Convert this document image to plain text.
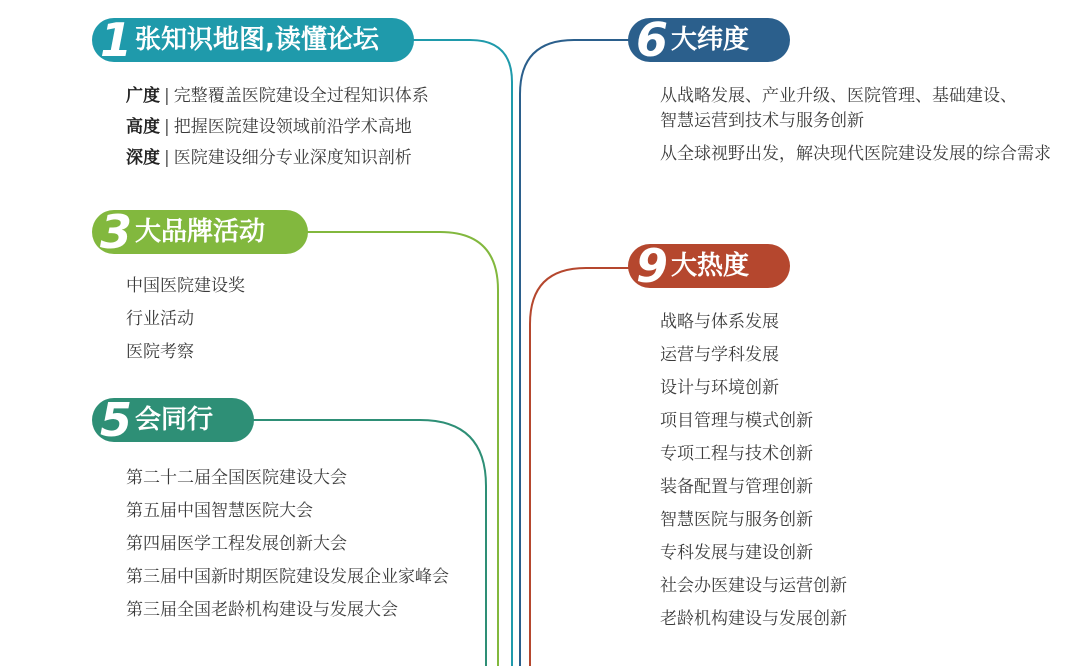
1 张知识地图,读懂论坛
广度 | 完整覆盖医院建设全过程知识体系
高度 | 把握医院建设领域前沿学术高地
深度 | 医院建设细分专业深度知识剖析
3 大品牌活动
中国医院建设奖
行业活动
医院考察
5 会同行
第二十二届全国医院建设大会
第五届中国智慧医院大会
第四届医学工程发展创新大会
第三届中国新时期医院建设发展企业家峰会
第三届全国老龄机构建设与发展大会
6 大纬度
从战略发展、产业升级、医院管理、基础建设、
智慧运营到技术与服务创新
从全球视野出发，解决现代医院建设发展的综合需求
9 大热度
战略与体系发展
运营与学科发展
设计与环境创新
项目管理与模式创新
专项工程与技术创新
装备配置与管理创新
智慧医院与服务创新
专科发展与建设创新
社会办医建设与运营创新
老龄机构建设与发展创新
